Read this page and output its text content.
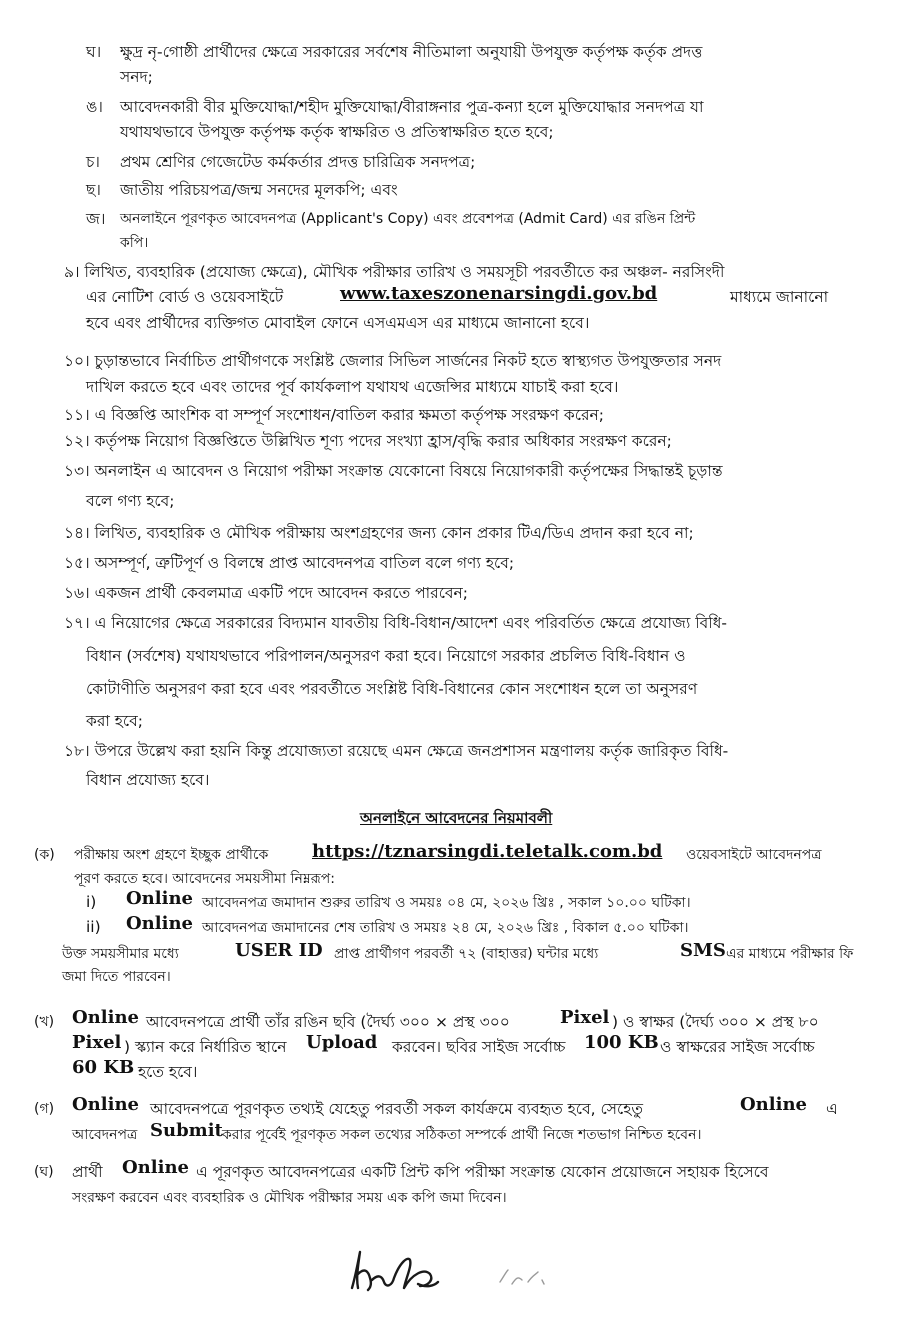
ঘ। ক্ষুদ্র নৃ-গোষ্ঠী প্রার্থীদের ক্ষেত্রে সরকারের সর্বশেষ নীতিমালা অনুযায়ী উপযুক্ত কর্তৃপক্ষ কর্তৃক প্রদত্ত
সনদ;
ঙ। আবেদনকারী বীর মুক্তিযোদ্ধা/শহীদ মুক্তিযোদ্ধা/বীরাঙ্গনার পুত্র-কন্যা হলে মুক্তিযোদ্ধার সনদপত্র যা
যথাযথভাবে উপযুক্ত কর্তৃপক্ষ কর্তৃক স্বাক্ষরিত ও প্রতিস্বাক্ষরিত হতে হবে;
চ। প্রথম শ্রেণির গেজেটেড কর্মকর্তার প্রদত্ত চারিত্রিক সনদপত্র;
ছ। জাতীয় পরিচয়পত্র/জন্ম সনদের মূলকপি; এবং
জ। অনলাইনে পূরণকৃত আবেদনপত্র (Applicant's Copy) এবং প্রবেশপত্র (Admit Card) এর রঙিন প্রিন্ট
কপি।
৯। লিখিত, ব্যবহারিক (প্রযোজ্য ক্ষেত্রে), মৌখিক পরীক্ষার তারিখ ও সময়সূচী পরবর্তীতে কর অঞ্চল- নরসিংদী
এর নোটিশ বোর্ড ও ওয়েবসাইটে	www.taxeszonenarsingdi.gov.bd	মাধ্যমে জানানো
হবে এবং প্রার্থীদের ব্যক্তিগত মোবাইল ফোনে এসএমএস এর মাধ্যমে জানানো হবে।
১০। চুড়ান্তভাবে নির্বাচিত প্রার্থীগণকে সংশ্লিষ্ট জেলার সিভিল সার্জনের নিকট হতে স্বাস্থ্যগত উপযুক্ততার সনদ
দাখিল করতে হবে এবং তাদের পূর্ব কার্যকলাপ যথাযথ এজেন্সির মাধ্যমে যাচাই করা হবে।
১১। এ বিজ্ঞপ্তি আংশিক বা সম্পূর্ণ সংশোধন/বাতিল করার ক্ষমতা কর্তৃপক্ষ সংরক্ষণ করেন;
১২। কর্তৃপক্ষ নিয়োগ বিজ্ঞপ্তিতে উল্লিখিত শূণ্য পদের সংখ্যা হ্রাস/বৃদ্ধি করার অধিকার সংরক্ষণ করেন;
১৩। অনলাইন এ আবেদন ও নিয়োগ পরীক্ষা সংক্রান্ত যেকোনো বিষয়ে নিয়োগকারী কর্তৃপক্ষের সিদ্ধান্তই চূড়ান্ত
বলে গণ্য হবে;
১৪। লিখিত, ব্যবহারিক ও মৌখিক পরীক্ষায় অংশগ্রহণের জন্য কোন প্রকার টিএ/ডিএ প্রদান করা হবে না;
১৫। অসম্পূর্ণ, ত্রুটিপূর্ণ ও বিলম্বে প্রাপ্ত আবেদনপত্র বাতিল বলে গণ্য হবে;
১৬। একজন প্রার্থী কেবলমাত্র একটি পদে আবেদন করতে পারবেন;
১৭। এ নিয়োগের ক্ষেত্রে সরকারের বিদ্যমান যাবতীয় বিধি-বিধান/আদেশ এবং পরিবর্তিত ক্ষেত্রে প্রযোজ্য বিধি-
বিধান (সর্বশেষ) যথাযথভাবে পরিপালন/অনুসরণ করা হবে। নিয়োগে সরকার প্রচলিত বিধি-বিধান ও
কোটাণীতি অনুসরণ করা হবে এবং পরবর্তীতে সংশ্লিষ্ট বিধি-বিধানের কোন সংশোধন হলে তা অনুসরণ
করা হবে;
১৮। উপরে উল্লেখ করা হয়নি কিন্তু প্রযোজ্যতা রয়েছে এমন ক্ষেত্রে জনপ্রশাসন মন্ত্রণালয় কর্তৃক জারিকৃত বিধি-
বিধান প্রযোজ্য হবে।
অনলাইনে আবেদনের নিয়মাবলী
(ক) পরীক্ষায় অংশ গ্রহণে ইচ্ছুক প্রার্থীকে https://tznarsingdi.teletalk.com.bd ওয়েবসাইটে আবেদনপত্র
পূরণ করতে হবে। আবেদনের সময়সীমা নিম্নরূপ:
i) Online আবেদনপত্র জমাদান শুরুর তারিখ ও সময়ঃ ০৪ মে, ২০২৬ খ্রিঃ , সকাল ১০.০০ ঘটিকা।
ii) Online আবেদনপত্র জমাদানের শেষ তারিখ ও সময়ঃ ২৪ মে, ২০২৬ খ্রিঃ , বিকাল ৫.০০ ঘটিকা।
উক্ত সময়সীমার মধ্যে	USER ID প্রাপ্ত প্রার্থীগণ পরবর্তী ৭২ (বাহাত্তর) ঘন্টার মধ্যে	SMS এর মাধ্যমে পরীক্ষার ফি
জমা দিতে পারবেন।
(খ) Online আবেদনপত্রে প্রার্থী তাঁর রঙিন ছবি (দৈর্ঘ্য ৩০০ × প্রস্থ ৩০০	Pixel ) ও স্বাক্ষর (দৈর্ঘ্য ৩০০ × প্রস্থ ৮০
Pixel ) স্ক্যান করে নির্ধারিত স্থানে Upload করবেন। ছবির সাইজ সর্বোচ্চ 100 KB ও স্বাক্ষরের সাইজ সর্বোচ্চ
60 KB হতে হবে।
(গ) Online আবেদনপত্রে পূরণকৃত তথ্যই যেহেতু পরবর্তী সকল কার্যক্রমে ব্যবহৃত হবে, সেহেতু	Online এ
আবেদনপত্র Submit করার পূর্বেই পূরণকৃত সকল তথ্যের সঠিকতা সম্পর্কে প্রার্থী নিজে শতভাগ নিশ্চিত হবেন।
(ঘ) প্রার্থী Online এ পূরণকৃত আবেদনপত্রের একটি প্রিন্ট কপি পরীক্ষা সংক্রান্ত যেকোন প্রয়োজনে সহায়ক হিসেবে
সংরক্ষণ করবেন এবং ব্যবহারিক ও মৌখিক পরীক্ষার সময় এক কপি জমা দিবেন।
